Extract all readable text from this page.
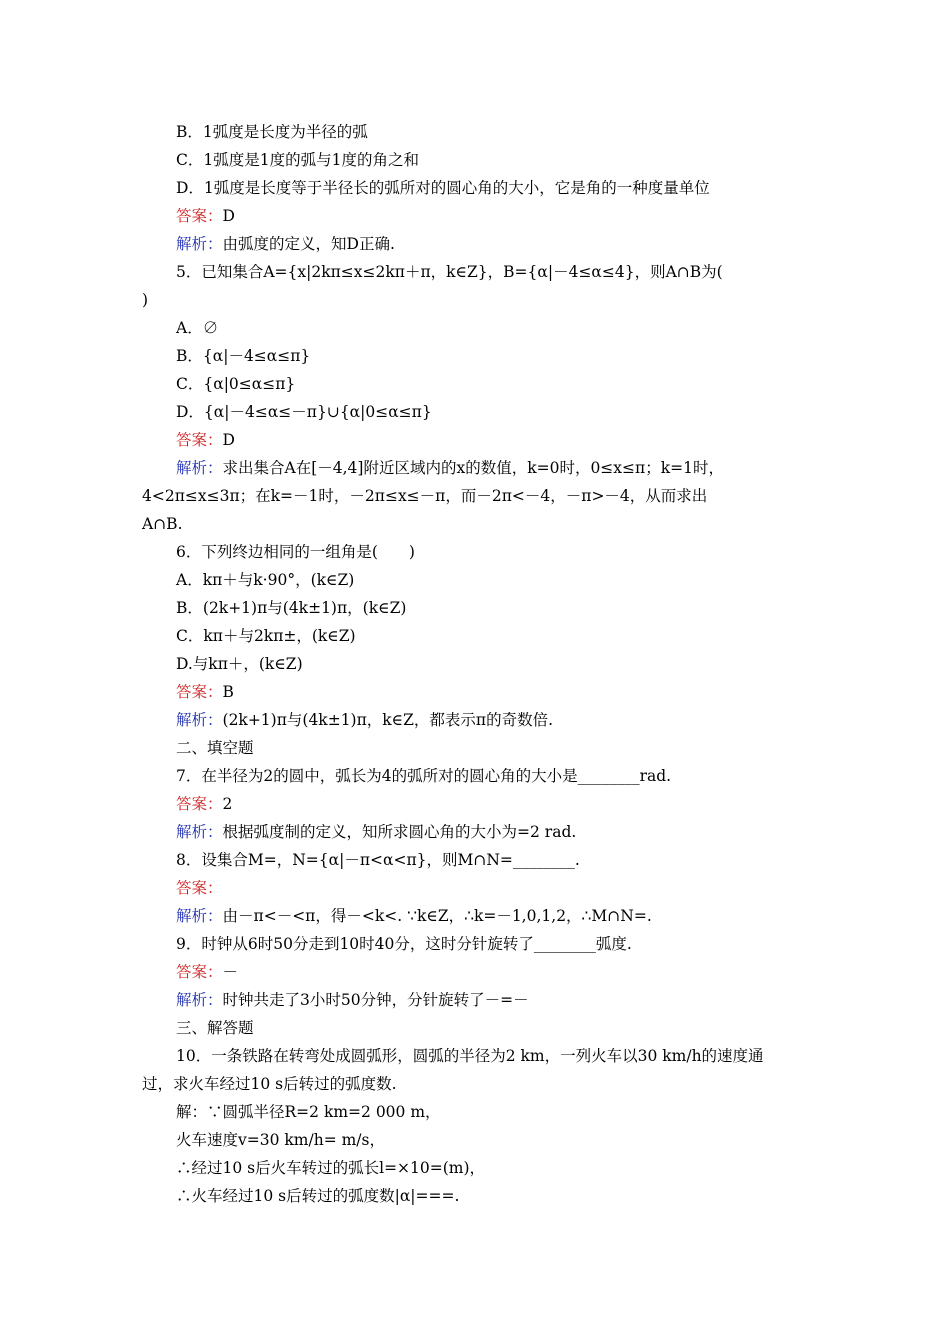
B．1弧度是长度为半径的弧
C．1弧度是1度的弧与1度的角之和
D．1弧度是长度等于半径长的弧所对的圆心角的大小，它是角的一种度量单位
答案：D
解析：由弧度的定义，知D正确.
5．已知集合A={x|2kπ≤x≤2kπ＋π，k∈Z}，B={α|－4≤α≤4}，则A∩B为(
)
A．∅
B．{α|－4≤α≤π}
C．{α|0≤α≤π}
D．{α|－4≤α≤－π}∪{α|0≤α≤π}
答案：D
解析：求出集合A在[－4,4]附近区域内的x的数值，k=0时，0≤x≤π；k=1时，
4<2π≤x≤3π；在k=－1时，－2π≤x≤－π，而－2π<－4，－π>－4，从而求出
A∩B.
6．下列终边相同的一组角是(　　)
A．kπ＋与k·90°，(k∈Z)
B．(2k+1)π与(4k±1)π，(k∈Z)
C．kπ＋与2kπ±，(k∈Z)
D.与kπ＋，(k∈Z)
答案：B
解析：(2k+1)π与(4k±1)π，k∈Z，都表示π的奇数倍.
二、填空题
7．在半径为2的圆中，弧长为4的弧所对的圆心角的大小是________rad.
答案：2
解析：根据弧度制的定义，知所求圆心角的大小为=2 rad.
8．设集合M=，N={α|－π<α<π}，则M∩N=________.
答案：
解析：由－π<－<π，得－<k<. ∵k∈Z，∴k=－1,0,1,2，∴M∩N=.
9．时钟从6时50分走到10时40分，这时分针旋转了________弧度.
答案：－
解析：时钟共走了3小时50分钟，分针旋转了－=－
三、解答题
10．一条铁路在转弯处成圆弧形，圆弧的半径为2 km，一列火车以30 km/h的速度通
过，求火车经过10 s后转过的弧度数.
解：∵圆弧半径R=2 km=2 000 m，
火车速度v=30 km/h= m/s，
∴经过10 s后火车转过的弧长l=×10=(m)，
∴火车经过10 s后转过的弧度数|α|===.
